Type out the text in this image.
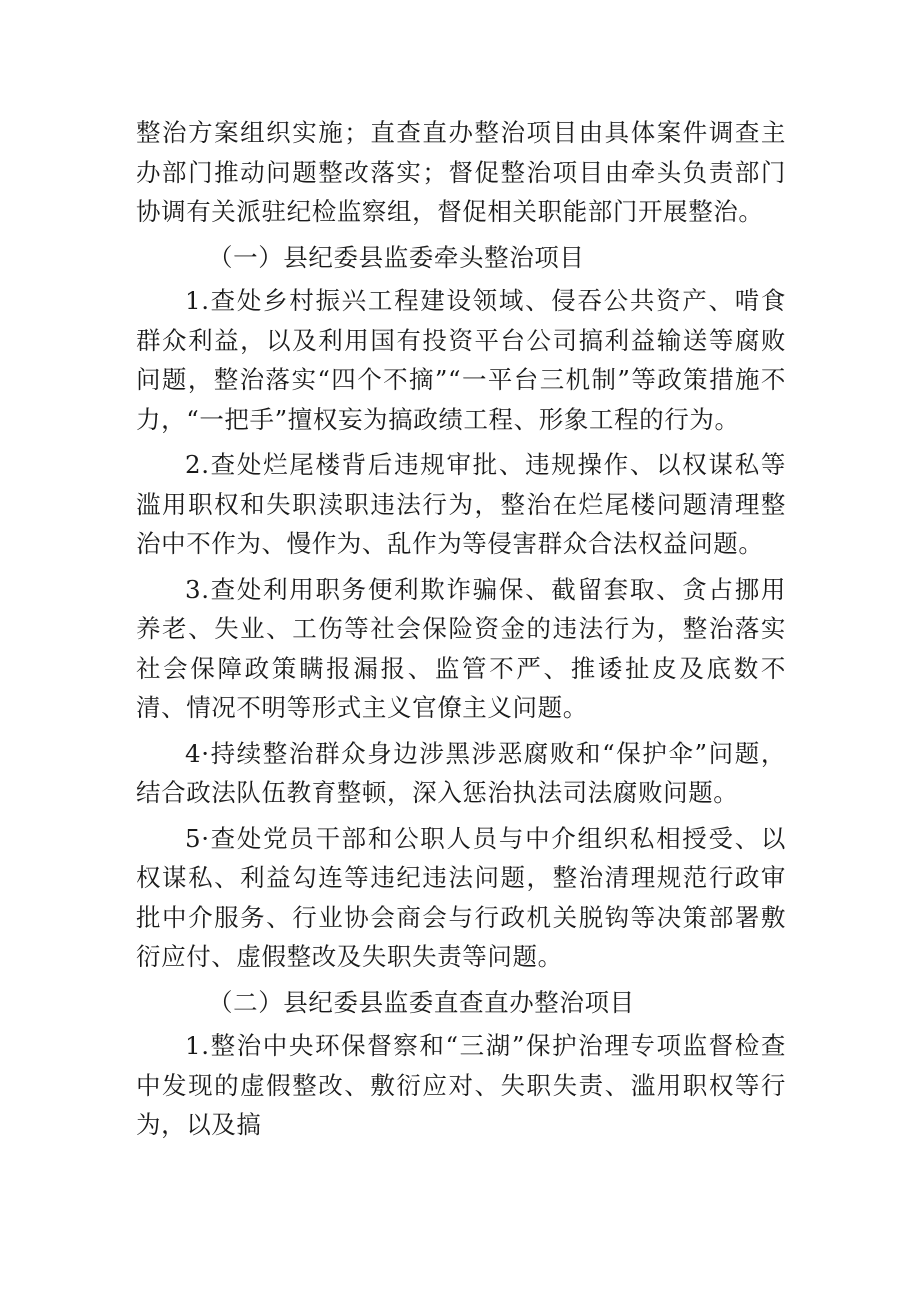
整治方案组织实施；直查直办整治项目由具体案件调查主办部门推动问题整改落实；督促整治项目由牵头负责部门协调有关派驻纪检监察组，督促相关职能部门开展整治。

（一）县纪委县监委牵头整治项目

1.查处乡村振兴工程建设领域、侵吞公共资产、啃食群众利益，以及利用国有投资平台公司搞利益输送等腐败问题，整治落实“四个不摘”“一平台三机制”等政策措施不力，“一把手”擅权妄为搞政绩工程、形象工程的行为。

2.查处烂尾楼背后违规审批、违规操作、以权谋私等滥用职权和失职渎职违法行为，整治在烂尾楼问题清理整治中不作为、慢作为、乱作为等侵害群众合法权益问题。

3.查处利用职务便利欺诈骗保、截留套取、贪占挪用养老、失业、工伤等社会保险资金的违法行为，整治落实社会保障政策瞒报漏报、监管不严、推诿扯皮及底数不清、情况不明等形式主义官僚主义问题。

4·持续整治群众身边涉黑涉恶腐败和“保护伞”问题，结合政法队伍教育整顿，深入惩治执法司法腐败问题。

5·查处党员干部和公职人员与中介组织私相授受、以权谋私、利益勾连等违纪违法问题，整治清理规范行政审批中介服务、行业协会商会与行政机关脱钩等决策部署敷衍应付、虚假整改及失职失责等问题。

（二）县纪委县监委直查直办整治项目

1.整治中央环保督察和“三湖”保护治理专项监督检查中发现的虚假整改、敷衍应对、失职失责、滥用职权等行为，以及搞
